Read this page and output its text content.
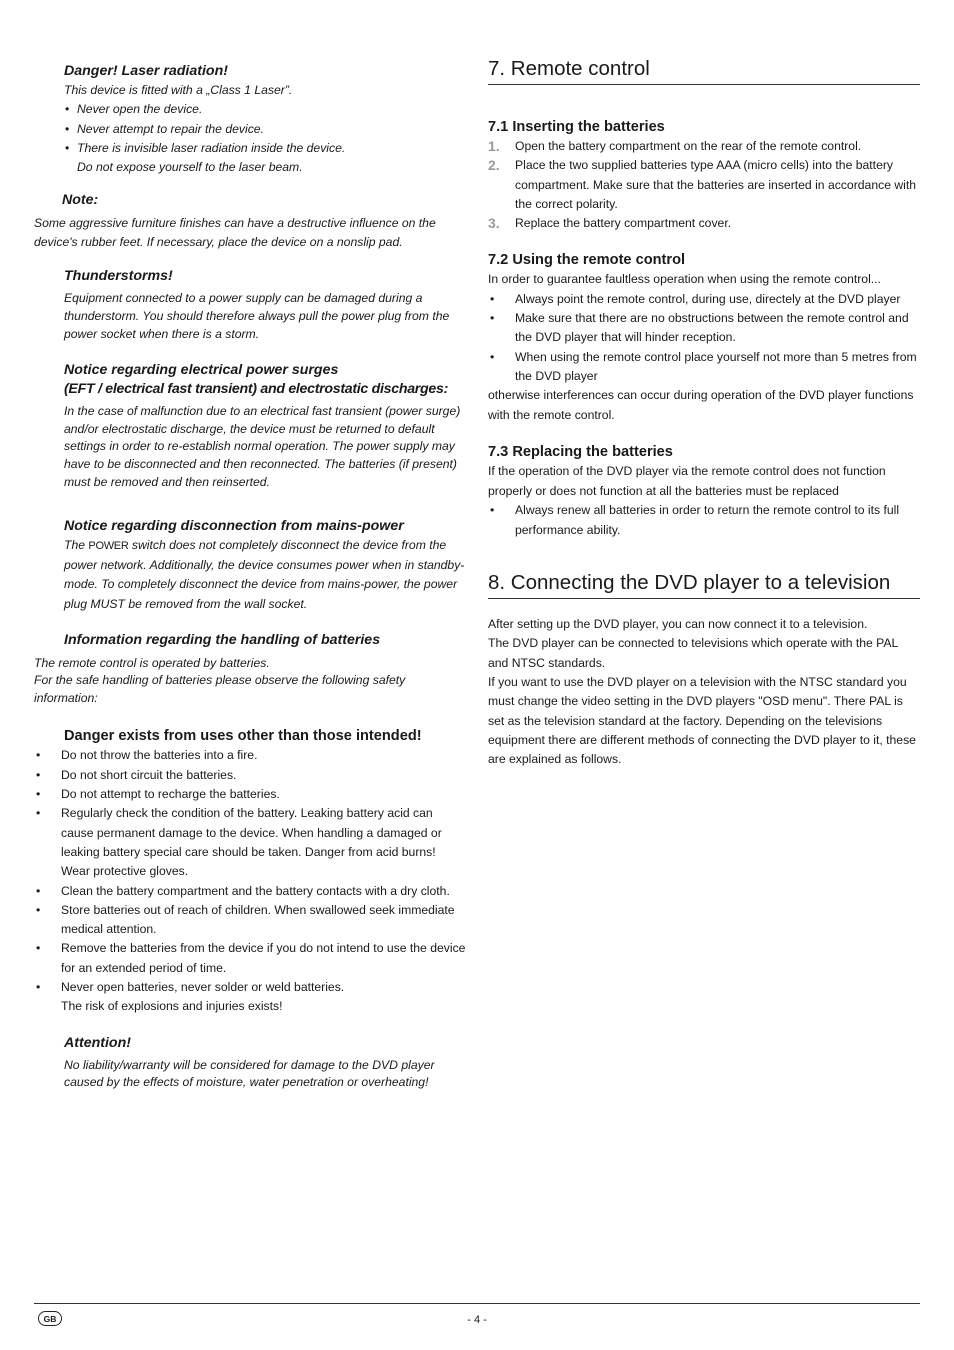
Danger! Laser radiation!

This device is fitted with a „Class 1 Laser”.

• Never open the device.
• Never attempt to repair the device.
• There is invisible laser radiation inside the device.
Do not expose yourself to the laser beam.

Note:

Some aggressive furniture finishes can have a destructive influence on the device's rubber feet. If necessary, place the device on a nonslip pad.

Thunderstorms!

Equipment connected to a power supply can be damaged during a thunderstorm. You should therefore always pull the power plug from the power socket when there is a storm.

Notice regarding electrical power surges

(EFT / electrical fast transient) and electrostatic discharges:

In the case of malfunction due to an electrical fast transient (power surge) and/or electrostatic discharge, the device must be returned to default settings in order to re-establish normal operation. The power supply may have to be disconnected and then reconnected. The batteries (if present) must be removed and then reinserted.

Notice regarding disconnection from mains-power

The POWER switch does not completely disconnect the device from the power network. Additionally, the device consumes power when in standby-mode. To completely disconnect the device from mains-power, the power plug MUST be removed from the wall socket.

Information regarding the handling of batteries

The remote control is operated by batteries.

For the safe handling of batteries please observe the following safety information:

Danger exists from uses other than those intended!

• Do not throw the batteries into a fire.
• Do not short circuit the batteries.
• Do not attempt to recharge the batteries.
• Regularly check the condition of the battery. Leaking battery acid can cause permanent damage to the device. When handling a damaged or leaking battery special care should be taken. Danger from acid burns! Wear protective gloves.
• Clean the battery compartment and the battery contacts with a dry cloth.
• Store batteries out of reach of children. When swallowed seek immediate medical attention.
• Remove the batteries from the device if you do not intend to use the device for an extended period of time.
• Never open batteries, never solder or weld batteries.
The risk of explosions and injuries exists!

Attention!

No liability/warranty will be considered for damage to the DVD player caused by the effects of moisture, water penetration or overheating!

7. Remote control

7.1 Inserting the batteries

1. Open the battery compartment on the rear of the remote control.
2. Place the two supplied batteries type AAA (micro cells) into the battery compartment. Make sure that the batteries are inserted in accordance with the correct polarity.
3. Replace the battery compartment cover.

7.2 Using the remote control

In order to guarantee faultless operation when using the remote control...

• Always point the remote control, during use, directely at the DVD player
• Make sure that there are no obstructions between the remote control and the DVD player that will hinder reception.
• When using the remote control place yourself not more than 5 metres from the DVD player

otherwise interferences can occur during operation of the DVD player functions with the remote control.

7.3 Replacing the batteries

If the operation of the DVD player via the remote control does not function properly or does not function at all the batteries must be replaced

• Always renew all batteries in order to return the remote control to its full performance ability.
8. Connecting the DVD player to a television

After setting up the DVD player, you can now connect it to a television.

The DVD player can be connected to televisions which operate with the PAL and NTSC standards.

If you want to use the DVD player on a television with the NTSC standard you must change the video setting in the DVD players "OSD menu". There PAL is set as the television standard at the factory. Depending on the televisions equipment there are different methods of connecting the DVD player to it, these are explained as follows.

GB	- 4 -
